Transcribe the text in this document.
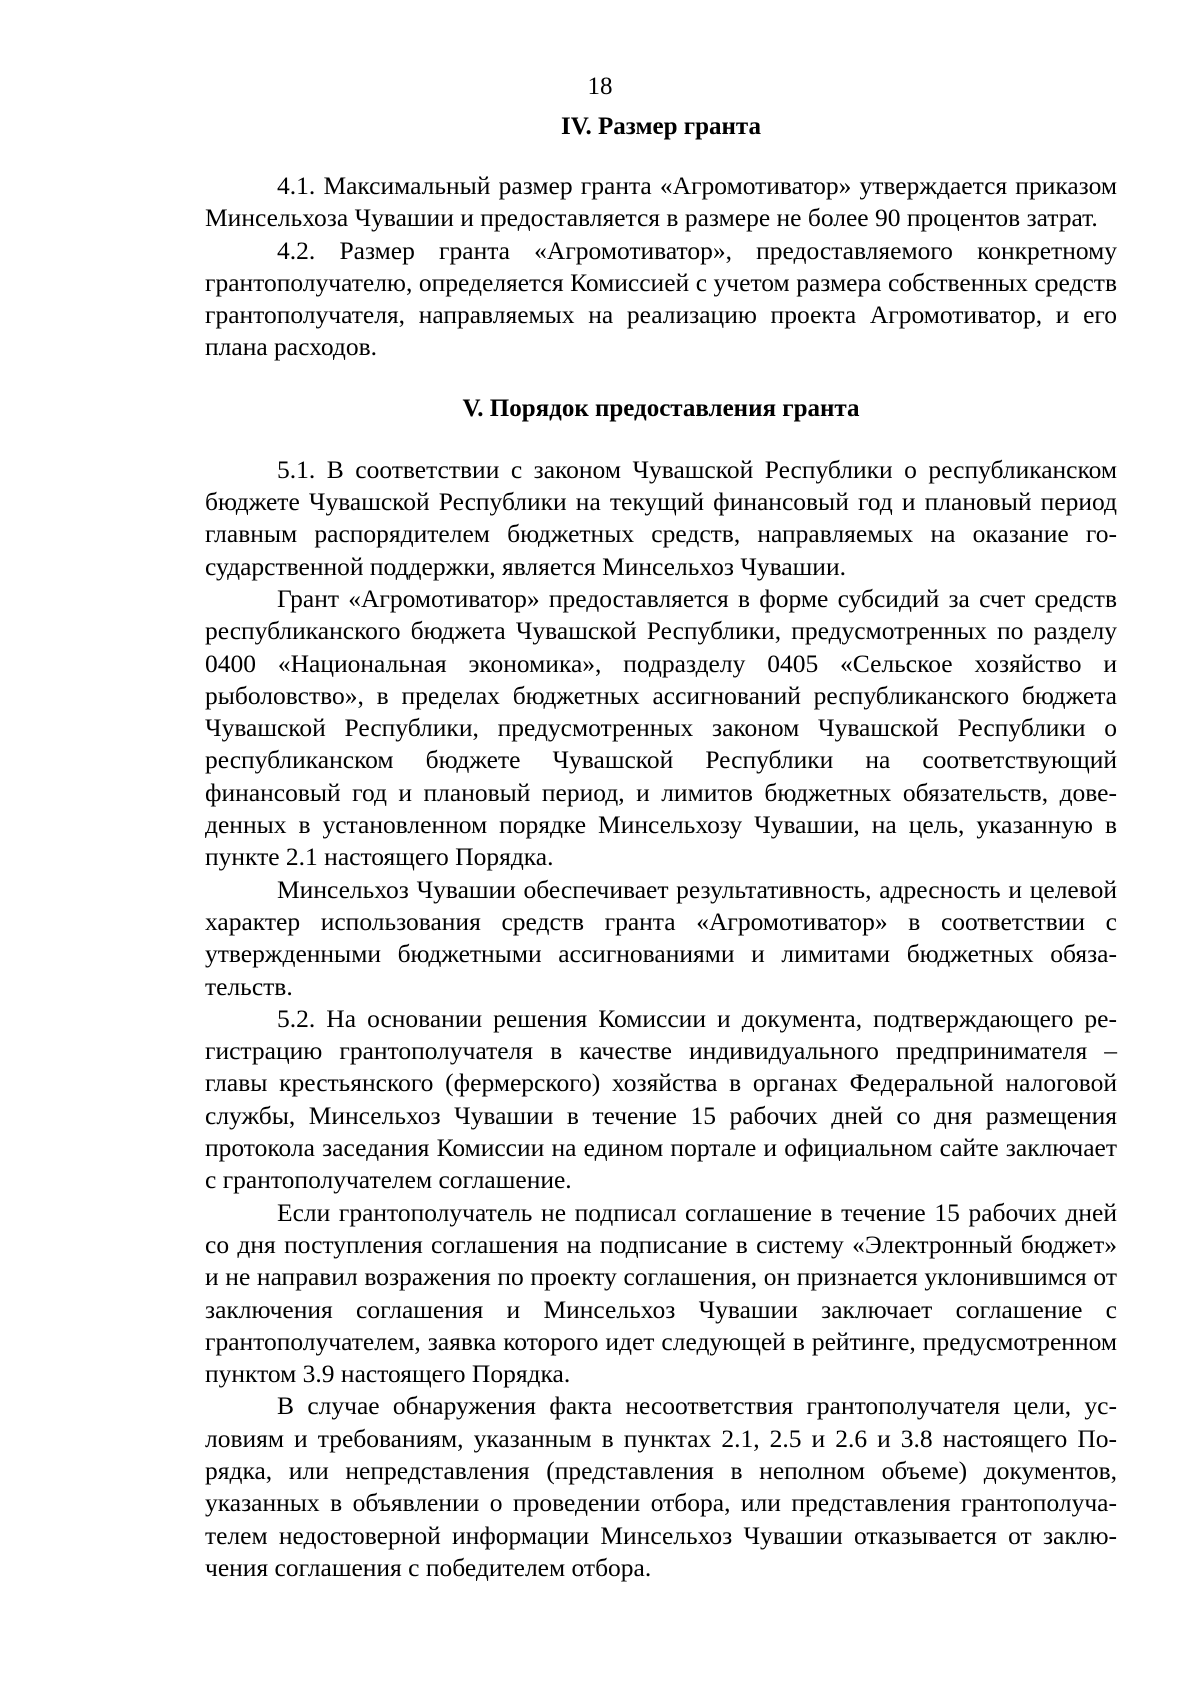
18
IV. Размер гранта

4.1. Максимальный размер гранта «Агромотиватор» утверждается приказом Минсельхоза Чувашии и предоставляется в размере не более 90 процентов затрат.

4.2. Размер гранта «Агромотиватор», предоставляемого конкретному грантополучателю, определяется Комиссией с учетом размера собственных средств грантополучателя, направляемых на реализацию проекта Агромотиватор, и его плана расходов.

V. Порядок предоставления гранта

5.1. В соответствии с законом Чувашской Республики о республиканском бюджете Чувашской Республики на текущий финансовый год и плановый период главным распорядителем бюджетных средств, направляемых на оказание государственной поддержки, является Минсельхоз Чувашии.

Грант «Агромотиватор» предоставляется в форме субсидий за счет средств республиканского бюджета Чувашской Республики, предусмотренных по разделу 0400 «Национальная экономика», подразделу 0405 «Сельское хозяйство и рыболовство», в пределах бюджетных ассигнований республиканского бюджета Чувашской Республики, предусмотренных законом Чувашской Республики о республиканском бюджете Чувашской Республики на соответствующий финансовый год и плановый период, и лимитов бюджетных обязательств, доведенных в установленном порядке Минсельхозу Чувашии, на цель, указанную в пункте 2.1 настоящего Порядка.

Минсельхоз Чувашии обеспечивает результативность, адресность и целевой характер использования средств гранта «Агромотиватор» в соответствии с утвержденными бюджетными ассигнованиями и лимитами бюджетных обязательств.

5.2. На основании решения Комиссии и документа, подтверждающего регистрацию грантополучателя в качестве индивидуального предпринимателя – главы крестьянского (фермерского) хозяйства в органах Федеральной налоговой службы, Минсельхоз Чувашии в течение 15 рабочих дней со дня размещения протокола заседания Комиссии на едином портале и официальном сайте заключает с грантополучателем соглашение.

Если грантополучатель не подписал соглашение в течение 15 рабочих дней со дня поступления соглашения на подписание в систему «Электронный бюджет» и не направил возражения по проекту соглашения, он признается уклонившимся от заключения соглашения и Минсельхоз Чувашии заключает соглашение с грантополучателем, заявка которого идет следующей в рейтинге, предусмотренном пунктом 3.9 настоящего Порядка.

В случае обнаружения факта несоответствия грантополучателя цели, условиям и требованиям, указанным в пунктах 2.1, 2.5 и 2.6 и 3.8 настоящего Порядка, или непредставления (представления в неполном объеме) документов, указанных в объявлении о проведении отбора, или представления грантополучателем недостоверной информации Минсельхоз Чувашии отказывается от заключения соглашения с победителем отбора.
